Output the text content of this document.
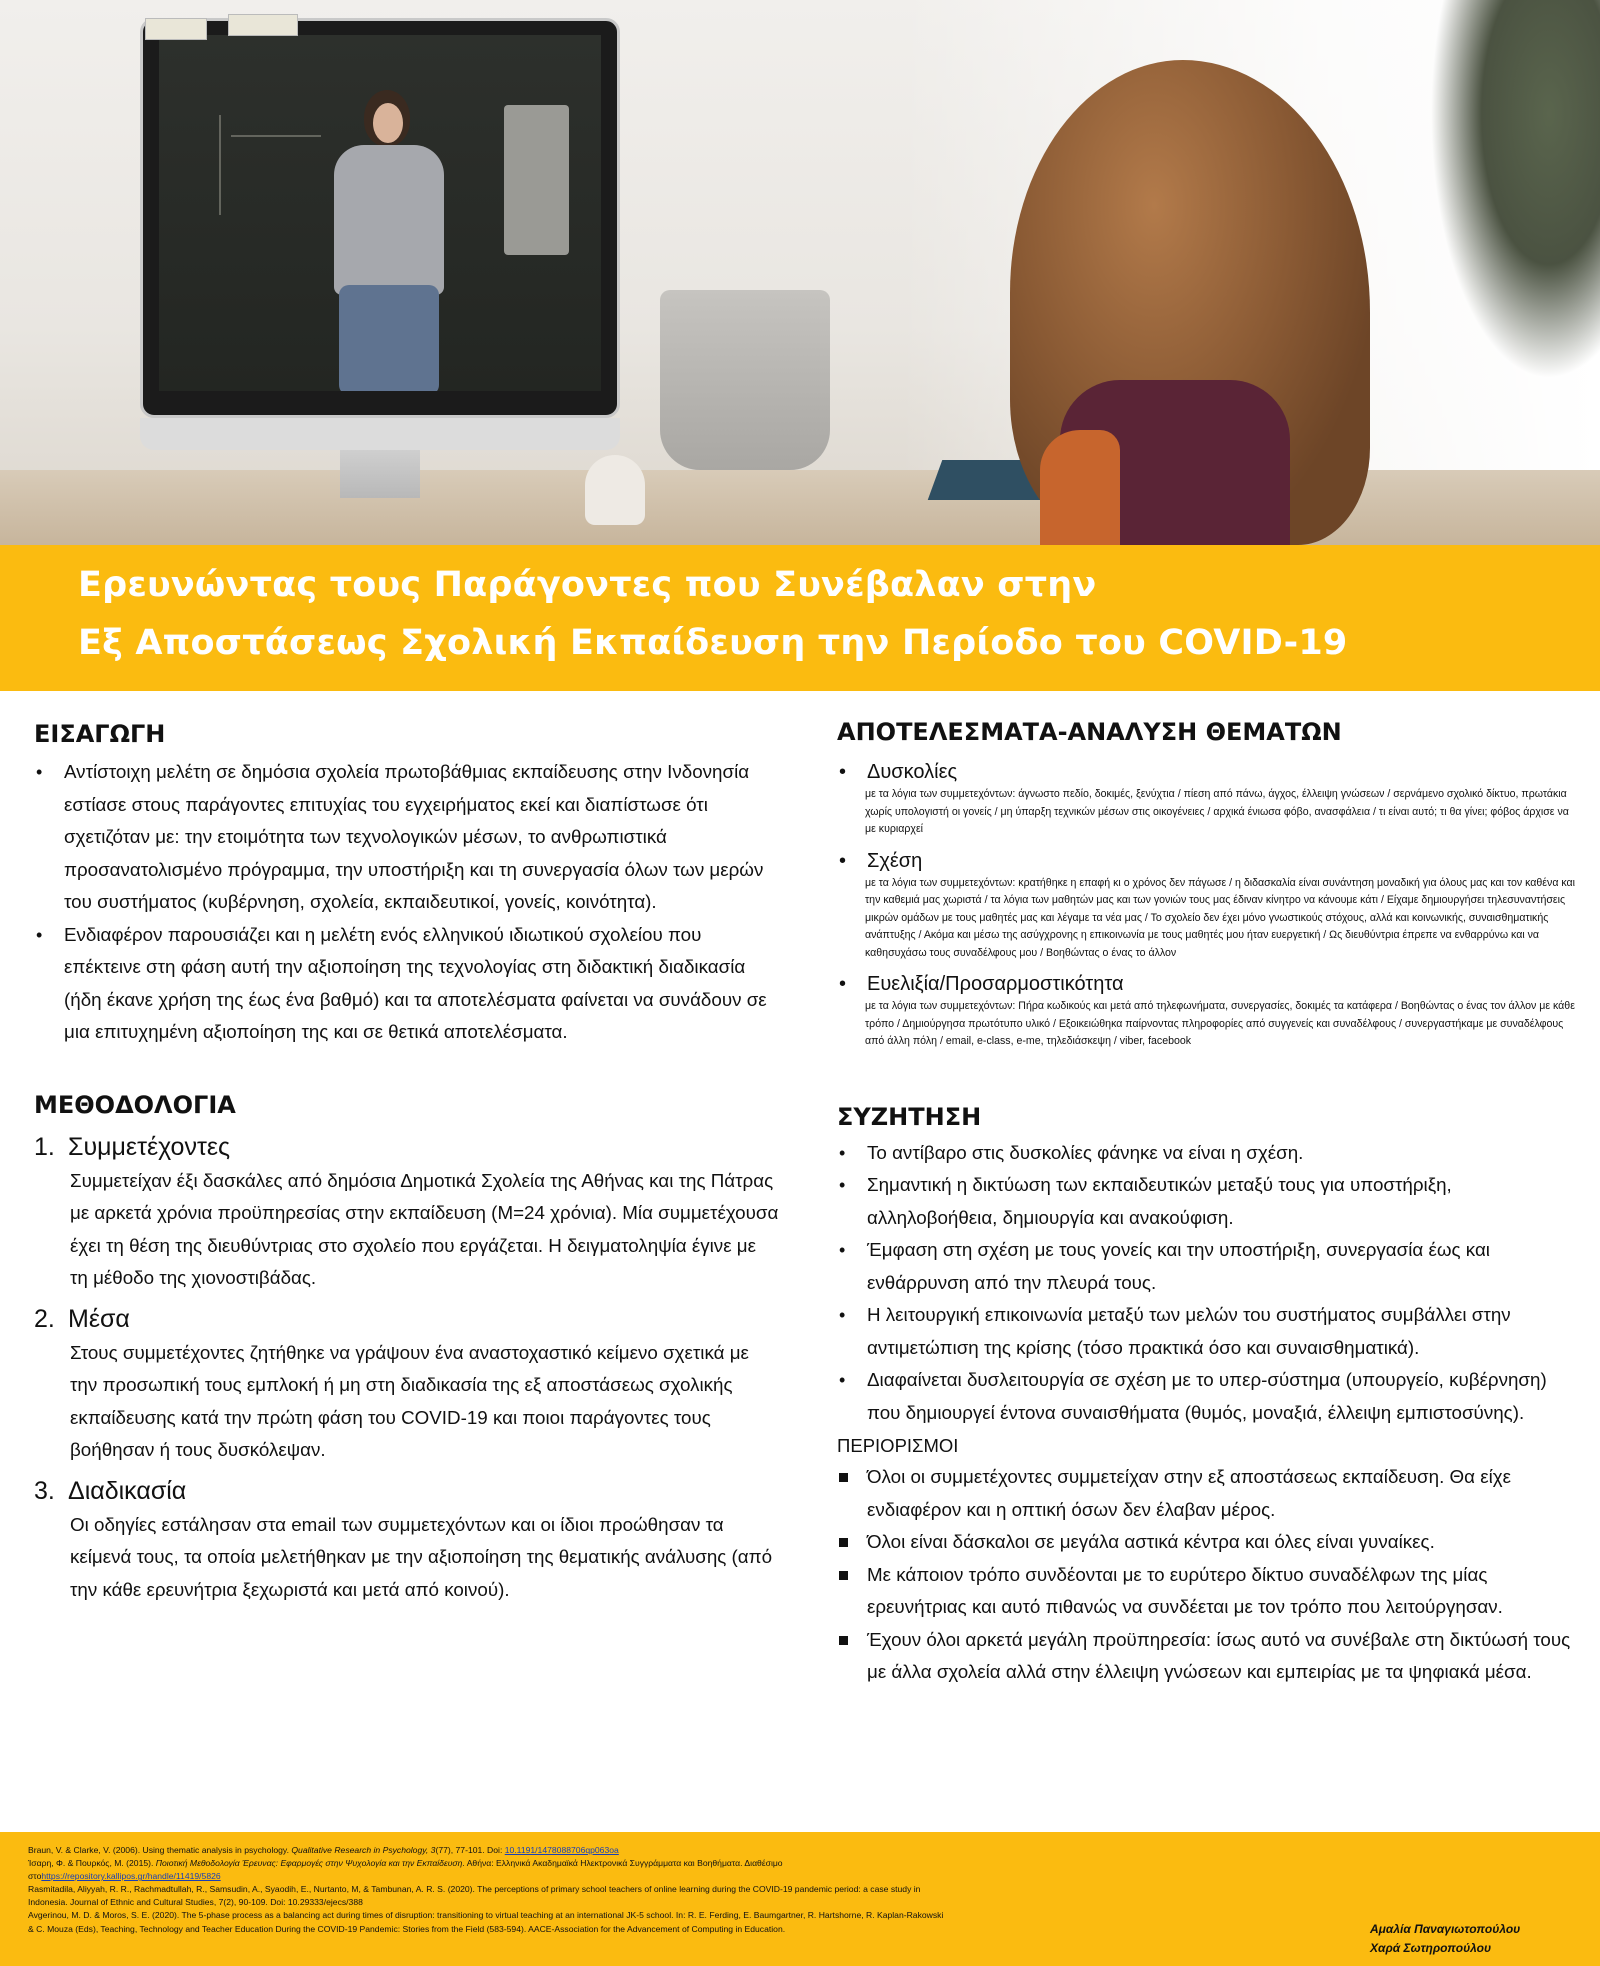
Ερευνώντας τους Παράγοντες που Συνέβαλαν στην
Εξ Αποστάσεως Σχολική Εκπαίδευση την Περίοδο του COVID-19
ΕΙΣΑΓΩΓΗ
• Αντίστοιχη μελέτη σε δημόσια σχολεία πρωτοβάθμιας εκπαίδευσης στην Ινδονησία εστίασε στους παράγοντες επιτυχίας του εγχειρήματος εκεί και διαπίστωσε ότι σχετιζόταν με: την ετοιμότητα των τεχνολογικών μέσων, το ανθρωπιστικά προσανατολισμένο πρόγραμμα, την υποστήριξη και τη συνεργασία όλων των μερών του συστήματος (κυβέρνηση, σχολεία, εκπαιδευτικοί, γονείς, κοινότητα).
• Ενδιαφέρον παρουσιάζει και η μελέτη ενός ελληνικού ιδιωτικού σχολείου που επέκτεινε στη φάση αυτή την αξιοποίηση της τεχνολογίας στη διδακτική διαδικασία (ήδη έκανε χρήση της έως ένα βαθμό) και τα αποτελέσματα φαίνεται να συνάδουν σε μια επιτυχημένη αξιοποίηση της και σε θετικά αποτελέσματα.
ΜΕΘΟΔΟΛΟΓΙΑ
1. Συμμετέχοντες
Συμμετείχαν έξι δασκάλες από δημόσια Δημοτικά Σχολεία της Αθήνας και της Πάτρας με αρκετά χρόνια προϋπηρεσίας στην εκπαίδευση (M=24 χρόνια). Μία συμμετέχουσα έχει τη θέση της διευθύντριας στο σχολείο που εργάζεται. Η δειγματοληψία έγινε με τη μέθοδο της χιονοστιβάδας.
2. Μέσα
Στους συμμετέχοντες ζητήθηκε να γράψουν ένα αναστοχαστικό κείμενο σχετικά με την προσωπική τους εμπλοκή ή μη στη διαδικασία της εξ αποστάσεως σχολικής εκπαίδευσης κατά την πρώτη φάση του COVID-19 και ποιοι παράγοντες τους βοήθησαν ή τους δυσκόλεψαν.
3. Διαδικασία
Οι οδηγίες εστάλησαν στα email των συμμετεχόντων και οι ίδιοι προώθησαν τα κείμενά τους, τα οποία μελετήθηκαν με την αξιοποίηση της θεματικής ανάλυσης (από την κάθε ερευνήτρια ξεχωριστά και μετά από κοινού).
ΑΠΟΤΕΛΕΣΜΑΤΑ-ΑΝΑΛΥΣΗ ΘΕΜΑΤΩΝ
• Δυσκολίες
με τα λόγια των συμμετεχόντων: άγνωστο πεδίο, δοκιμές, ξενύχτια / πίεση από πάνω, άγχος, έλλειψη γνώσεων / σερνάμενο σχολικό δίκτυο, πρωτάκια χωρίς υπολογιστή οι γονείς / μη ύπαρξη τεχνικών μέσων στις οικογένειες / αρχικά ένιωσα φόβο, ανασφάλεια / τι είναι αυτό; τι θα γίνει; φόβος άρχισε να με κυριαρχεί
• Σχέση
με τα λόγια των συμμετεχόντων: κρατήθηκε η επαφή κι ο χρόνος δεν πάγωσε / η διδασκαλία είναι συνάντηση μοναδική για όλους μας και τον καθένα και την καθεμιά μας χωριστά / τα λόγια των μαθητών μας και των γονιών τους μας έδιναν κίνητρο να κάνουμε κάτι / Είχαμε δημιουργήσει τηλεσυναντήσεις μικρών ομάδων με τους μαθητές μας και λέγαμε τα νέα μας / Το σχολείο δεν έχει μόνο γνωστικούς στόχους, αλλά και κοινωνικής, συναισθηματικής ανάπτυξης / Ακόμα και μέσω της ασύγχρονης η επικοινωνία με τους μαθητές μου ήταν ευεργετική / Ως διευθύντρια έπρεπε να ενθαρρύνω και να καθησυχάσω τους συναδέλφους μου / Βοηθώντας ο ένας το άλλον
• Ευελιξία/Προσαρμοστικότητα
με τα λόγια των συμμετεχόντων: Πήρα κωδικούς και μετά από τηλεφωνήματα, συνεργασίες, δοκιμές τα κατάφερα / Βοηθώντας ο ένας τον άλλον με κάθε τρόπο / Δημιούργησα πρωτότυπο υλικό / Εξοικειώθηκα παίρνοντας πληροφορίες από συγγενείς και συναδέλφους / συνεργαστήκαμε με συναδέλφους από άλλη πόλη / email, e-class, e-me, τηλεδιάσκεψη / viber, facebook
ΣΥΖΗΤΗΣΗ
• Το αντίβαρο στις δυσκολίες φάνηκε να είναι η σχέση.
• Σημαντική η δικτύωση των εκπαιδευτικών μεταξύ τους για υποστήριξη, αλληλοβοήθεια, δημιουργία και ανακούφιση.
• Έμφαση στη σχέση με τους γονείς και την υποστήριξη, συνεργασία έως και ενθάρρυνση από την πλευρά τους.
• Η λειτουργική επικοινωνία μεταξύ των μελών του συστήματος συμβάλλει στην αντιμετώπιση της κρίσης (τόσο πρακτικά όσο και συναισθηματικά).
• Διαφαίνεται δυσλειτουργία σε σχέση με το υπερ-σύστημα (υπουργείο, κυβέρνηση) που δημιουργεί έντονα συναισθήματα (θυμός, μοναξιά, έλλειψη εμπιστοσύνης).
ΠΕΡΙΟΡΙΣΜΟΙ
Όλοι οι συμμετέχοντες συμμετείχαν στην εξ αποστάσεως εκπαίδευση. Θα είχε ενδιαφέρον και η οπτική όσων δεν έλαβαν μέρος.
Όλοι είναι δάσκαλοι σε μεγάλα αστικά κέντρα και όλες είναι γυναίκες.
Με κάποιον τρόπο συνδέονται με το ευρύτερο δίκτυο συναδέλφων της μίας ερευνήτριας και αυτό πιθανώς να συνδέεται με τον τρόπο που λειτούργησαν.
Έχουν όλοι αρκετά μεγάλη προϋπηρεσία: ίσως αυτό να συνέβαλε στη δικτύωσή τους με άλλα σχολεία αλλά στην έλλειψη γνώσεων και εμπειρίας με τα ψηφιακά μέσα.
Braun, V. & Clarke, V. (2006). Using thematic analysis in psychology. Qualitative Research in Psychology, 3(77), 77-101. Doi: 10.1191/1478088706qp063oa
Ίσαρη, Φ. & Πουρκός, Μ. (2015). Ποιοτική Μεθοδολογία Έρευνας: Εφαρμογές στην Ψυχολογία και την Εκπαίδευση. Αθήνα: Ελληνικά Ακαδημαϊκά Ηλεκτρονικά Συγγράμματα και Βοηθήματα. Διαθέσιμο
στοhttps://repository.kallipos.gr/handle/11419/5826
Rasmitadila, Aliyyah, R. R., Rachmadtullah, R., Samsudin, A., Syaodih, E., Nurtanto, M, & Tambunan, A. R. S. (2020). The perceptions of primary school teachers of online learning during the COVID-19 pandemic period: a case study in
Indonesia. Journal of Ethnic and Cultural Studies, 7(2), 90-109. Doi: 10.29333/ejecs/388
Avgerinou, M. D. & Moros, S. E. (2020). The 5-phase process as a balancing act during times of disruption: transitioning to virtual teaching at an international JK-5 school. In: R. E. Ferding, E. Baumgartner, R. Hartshorne, R. Kaplan-Rakowski
& C. Mouza (Eds), Teaching, Technology and Teacher Education During the COVID-19 Pandemic: Stories from the Field (583-594). AACE-Association for the Advancement of Computing in Education.	Αμαλία Παναγιωτοπούλου
Χαρά Σωτηροπούλου
